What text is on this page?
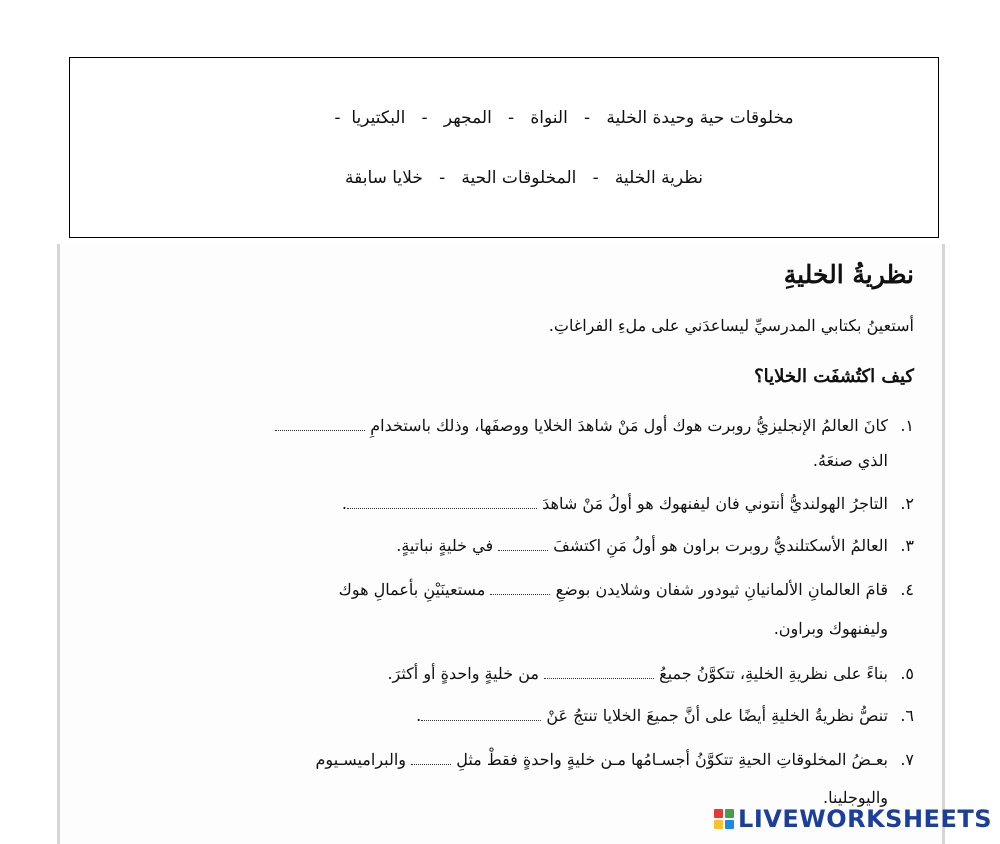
مخلوقات حية وحيدة الخلية   -   النواة   -   المجهر   -   البكتيريا  -
نظرية الخلية   -   المخلوقات الحية   -   خلايا سابقة
نظريةُ الخليةِ
أستعينُ بكتابي المدرسيِّ ليساعدَني على ملءِ الفراغاتِ.
كيف اكتُشفَت الخلايا؟
١.كانَ العالمُ الإنجليزيُّ روبرت هوك أول مَنْ شاهدَ الخلايا ووصفَها، وذلك باستخدامِ
الذي صنعَهُ.
٢.التاجرُ الهولنديُّ أنتوني فان ليفنهوك هو أولُ مَنْ شاهدَ .
٣.العالمُ الأسكتلنديُّ روبرت براون هو أولُ مَنِ اكتشفَ  في خليةٍ نباتيةٍ.
٤.قامَ العالمانِ الألمانيانِ ثيودور شفان وشلايدن بوضعِ  مستعينَيْنِ بأعمالِ هوك
وليفنهوك وبراون.
٥.بناءً على نظريةِ الخليةِ، تتكوَّنُ جميعُ  من خليةٍ واحدةٍ أو أكثرَ.
٦.تنصُّ نظريةُ الخليةِ أيضًا على أنَّ جميعَ الخلايا تنتجُ عَنْ .
٧.بعـضُ المخلوقاتِ الحيةِ تتكوَّنُ أجسـامُها مـن خليةٍ واحدةٍ فقطْ مثلِ  والبراميسـيوم
واليوجلينا.
LIVEWORKSHEETS
